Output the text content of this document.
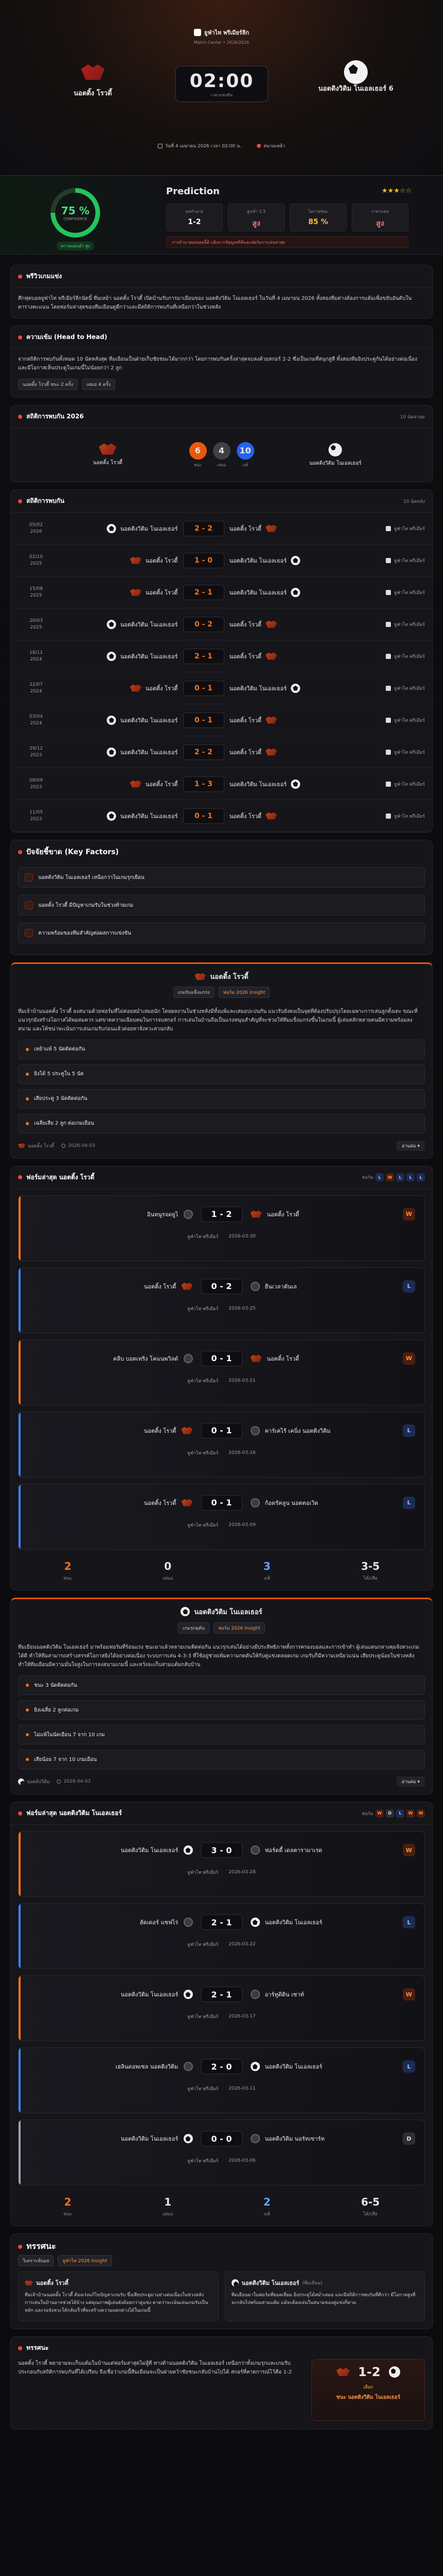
ยูฟ่าไท พรีเมียร์ลีก
Match Center • 2026/2026
นอตติ้ง โรวดี้
02:00
เวลาแข่งขัน
นอตติงวิติม โนเอลเธอร์ 6
วันที่ 4 เมษายน 2026 เวลา 02:00 น.	สนามเหย้า
75 %
CONFIDENCE
ความแม่นยำ สูง
Prediction	★★★☆☆
ผลทำนาย
1-2
สูง/ต่ำ 2.5
สูง
โอกาสชนะ
85 %
ราคาบอล
สูง
การทำนายผลบอลนี้อ้างอิงจากข้อมูลสถิติและฟอร์มการเล่นล่าสุด
พรีวิวเกมแข่ง
ศึกฟุตบอลยูฟ่าไท พรีเมียร์ลีกนัดนี้ ทีมเหย้า นอตติ้ง โรวดี้ เปิดบ้านรับการมาเยือนของ นอตติงวิติม โนเอลเธอร์ ในวันที่ 4 เมษายน 2026 ทั้งสองทีมต่างต้องการแต้มเพื่อขยับอันดับในตารางคะแนน โดยฟอร์มล่าสุดของทีมเยือนดูดีกว่าและมีสถิติการพบกันที่เหนือกว่าในช่วงหลัง
ความเข้ม (Head to Head)
จากสถิติการพบกันทั้งหมด 10 นัดหลังสุด ทีมเยือนเป็นฝ่ายเก็บชัยชนะได้มากกว่า โดยการพบกันครั้งล่าสุดจบลงด้วยสกอร์ 2-2 ซึ่งเป็นเกมที่สนุกสูสี ทั้งสองทีมยิงประตูกันได้อย่างต่อเนื่องและมีโอกาสเห็นประตูในเกมนี้ไม่น้อยกว่า 2 ลูก
นอตติ้ง โรวดี้ ชนะ 2 ครั้ง	เสมอ 4 ครั้ง
สถิติการพบกัน 2026	10 นัดล่าสุด
นอตติ้ง โรวดี้
6
ชนะ
4
เสมอ
10
แพ้	นอตติงวิติม โนเอลเธอร์
สถิติการพบกัน	10 นัดหลัง
05/02
2026	นอตติงวิติม โนเอลเธอร์	2 - 2	นอตติ้ง โรวดี้	ยูฟ่าไท พรีเมียร์
02/10
2025	นอตติ้ง โรวดี้	1 - 0	นอตติงวิติม โนเอลเธอร์	ยูฟ่าไท พรีเมียร์
15/08
2025	นอตติ้ง โรวดี้	2 - 1	นอตติงวิติม โนเอลเธอร์	ยูฟ่าไท พรีเมียร์
20/03
2025	นอตติงวิติม โนเอลเธอร์	0 - 2	นอตติ้ง โรวดี้	ยูฟ่าไท พรีเมียร์
18/11
2024	นอตติงวิติม โนเอลเธอร์	2 - 1	นอตติ้ง โรวดี้	ยูฟ่าไท พรีเมียร์
22/07
2024	นอตติ้ง โรวดี้	0 - 1	นอตติงวิติม โนเอลเธอร์	ยูฟ่าไท พรีเมียร์
03/04
2024	นอตติงวิติม โนเอลเธอร์	0 - 1	นอตติ้ง โรวดี้	ยูฟ่าไท พรีเมียร์
29/12
2023	นอตติงวิติม โนเอลเธอร์	2 - 2	นอตติ้ง โรวดี้	ยูฟ่าไท พรีเมียร์
08/09
2023	นอตติ้ง โรวดี้	1 - 3	นอตติงวิติม โนเอลเธอร์	ยูฟ่าไท พรีเมียร์
11/05
2023	นอตติงวิติม โนเอลเธอร์	0 - 1	นอตติ้ง โรวดี้	ยูฟ่าไท พรีเมียร์
ปัจจัยชี้ขาด (Key Factors)
นอตติงวิติม โนเอลเธอร์ เหนือกว่าในเกมรุกเยือน
นอตติ้ง โรวดี้ มีปัญหาเกมรับในช่วงท้ายเกม
ความพร้อมของทีมสำคัญต่อผลการแข่งขัน
นอตติ้ง โรวดี้
เกมรับแข็งแกร่ง	ฟอร์ม 2026 Insight
ทีมเจ้าบ้านนอตติ้ง โรวดี้ ลงสนามด้วยฟอร์มที่ไม่ค่อยสม่ำเสมอนัก โดยผลงานในช่วงหลังมีทั้งแพ้และเสมอปะปนกัน แนวรับยังคงเป็นจุดที่ต้องปรับปรุงโดยเฉพาะการเล่นลูกตั้งเตะ ขณะที่แนวรุกยังสร้างโอกาสได้พอสมควร แต่ขาดความเฉียบคมในการจบสกอร์ การเล่นในบ้านถือเป็นแรงหนุนสำคัญที่จะช่วยให้ทีมแข็งแกร่งขึ้นในเกมนี้ ผู้เล่นหลักหลายคนมีความพร้อมลงสนาม และโค้ชน่าจะเน้นการเล่นเกมรับก่อนแล้วค่อยหาจังหวะสวนกลับ
เหย้าแพ้ 5 นัดติดต่อกัน
ยิงได้ 5 ประตูใน 5 นัด
เสียประตู 3 นัดติดต่อกัน
เฉลี่ยเสีย 2 ลูก ต่อเกมเยือน
นอตติ้ง โรวดี้	2026-04-03	อ่านต่อ ▾
ฟอร์มล่าสุด นอตติ้ง โรวดี้	ฟอร์ม	L	W	L	L	L
อินทนูรจดยูไ	1 - 2	นอตติ้ง โรวดี้
ยูฟ่าไท พรีเมียร์ 2026-03-30
W
นอตติ้ง โรวดี้	0 - 2	ยืนเวลาตันเล
ยูฟ่าไท พรีเมียร์ 2026-03-25
L
คลีบ บอตเทริง โคแนพวิลด์	0 - 1	นอตติ้ง โรวดี้
ยูฟ่าไท พรีเมียร์ 2026-03-21
W
นอตติ้ง โรวดี้	0 - 1	คาร์เคไร้ เคนิ่ง นอตติงวิติม
ยูฟ่าไท พรีเมียร์ 2026-03-16
L
นอตติ้ง โรวดี้	0 - 1	ก้อดรัคลูน นอตตอเวิด
ยูฟ่าไท พรีเมียร์ 2026-03-09
L
2
ชนะ
0
เสมอ
3
แพ้
3-5
ได้/เสีย
นอตติงวิติม โนเอลเธอร์
เกมรุกดุดัน	ฟอร์ม 2026 Insight
ทีมเยือนนอตติงวิติม โนเอลเธอร์ มาพร้อมฟอร์มที่ร้อนแรง ชนะมาแล้วหลายเกมติดต่อกัน แนวรุกเล่นได้อย่างมีประสิทธิภาพทั้งการครองบอลและการเข้าทำ ผู้เล่นแดนกลางคุมจังหวะเกมได้ดี ทำให้ทีมสามารถสร้างสรรค์โอกาสยิงได้อย่างต่อเนื่อง ระบบการเล่น 4-3-3 ที่ใช้อยู่ช่วยเพิ่มความกดดันให้กับคู่แข่งตลอดเกม เกมรับก็มีความเหนียวแน่น เสียประตูน้อยในช่วงหลัง ทำให้ทีมเยือนมีความมั่นใจสูงในการลงสนามเกมนี้ และหวังจะเก็บสามแต้มกลับบ้าน
ชนะ 3 นัดติดต่อกัน
ยิงเฉลี่ย 2 ลูกต่อเกม
ไม่แพ้ในนัดเยือน 7 จาก 10 เกม
เสียน้อย 7 จาก 10 เกมเยือน
นอตติงวิติม	2026-04-03	อ่านต่อ ▾
ฟอร์มล่าสุด นอตติงวิติม โนเอลเธอร์	ฟอร์ม W	D	L	W	W
นอตติงวิติม โนเอลเธอร์	3 - 0	ฟอร์ดดี้ เดลตารามาเรด
ยูฟ่าไท พรีเมียร์ 2026-03-28
W
ฮัดเดอร์ แซฟไร่	2 - 1	นอตติงวิติม โนเอลเธอร์
ยูฟ่าไท พรีเมียร์ 2026-03-22
L
นอตติงวิติม โนเอลเธอร์	2 - 1	อาร์ทูดิติน เซาท์
ยูฟ่าไท พรีเมียร์ 2026-03-17
W
เฮลินดอพเซล นอตติงวิติม	2 - 0	นอตติงวิติม โนเอลเธอร์
ยูฟ่าไท พรีเมียร์ 2026-03-11
L
นอตติงวิติม โนเอลเธอร์	0 - 0	นอตติงวิติม นอร์ทเซาร์ท
ยูฟ่าไท พรีเมียร์ 2026-03-06
D
2
ชนะ
1
เสมอ
2
แพ้
6-5
ได้/เสีย
ทรรศนะ
วิเคราะห์บอล	ยูฟ่าไท 2026 Insight
นอตติ้ง โรวดี้
ทีมเจ้าบ้านนอตติ้ง โรวดี้ ต้องเร่งแก้ไขปัญหาเกมรับ ซึ่งเสียประตูมาอย่างต่อเนื่องในช่วงหลัง การเล่นในบ้านอาจช่วยได้บ้าง แต่คุณภาพผู้เล่นยังด้อยกว่าคู่แข่ง คาดว่าจะเน้นเล่นเกมรับเป็นหลัก และรอจังหวะโต้กลับเร็วที่จะสร้างความแตกต่างได้ในเกมนี้
นอตติงวิติม โนเอลเธอร์ (ทีมเยือน)
ทีมเยือนมาในฟอร์มที่ยอดเยี่ยม ยิงประตูได้สม่ำเสมอ และมีสถิติการพบกันที่ดีกว่า มีโอกาสสูงที่จะกลับไปพร้อมสามแต้ม แม้จะต้องเล่นในสนามของคู่แข่งก็ตาม
ทรรศนะ
นอตติ้ง โรวดี้ พยายามจะเก็บแต้มในบ้านแต่ฟอร์มล่าสุดไม่สู้ดี ทางด้านนอตติงวิติม โนเอลเธอร์ เหนือกว่าทั้งเกมรุกและเกมรับ ประกอบกับสถิติการพบกันที่ได้เปรียบ จึงเชื่อว่าเกมนี้ทีมเยือนจะเป็นฝ่ายคว้าชัยชนะกลับบ้านไปได้ สกอร์ที่คาดการณ์ไว้คือ 1-2	1-2
เลือก
ชนะ นอตติงวิติม โนเอลเธอร์
